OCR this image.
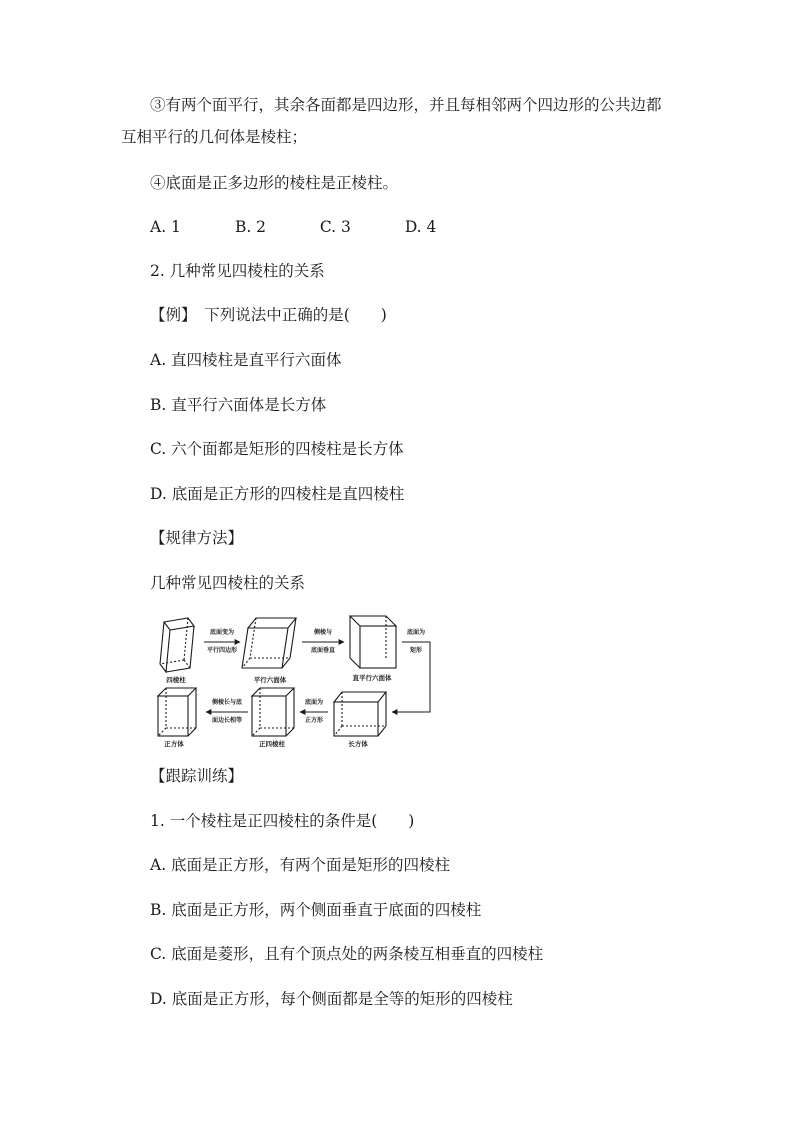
③有两个面平行，其余各面都是四边形，并且每相邻两个四边形的公共边都
互相平行的几何体是棱柱；
④底面是正多边形的棱柱是正棱柱。
A. 1	B. 2	C. 3	D. 4
2. 几种常见四棱柱的关系
【例】　下列说法中正确的是(　　)
A. 直四棱柱是直平行六面体
B. 直平行六面体是长方体
C. 六个面都是矩形的四棱柱是长方体
D. 底面是正方形的四棱柱是直四棱柱
【规律方法】
几种常见四棱柱的关系
四棱柱	平行六面体	直平行六面体
长方体
正四棱柱
正方体
底面变为
平行四边形
侧棱与
底面垂直
底面为
矩形
底面为
正方形
侧棱长与底
面边长相等
【跟踪训练】
1. 一个棱柱是正四棱柱的条件是(　　)
A. 底面是正方形，有两个面是矩形的四棱柱
B. 底面是正方形，两个侧面垂直于底面的四棱柱
C. 底面是菱形，且有个顶点处的两条棱互相垂直的四棱柱
D. 底面是正方形，每个侧面都是全等的矩形的四棱柱
